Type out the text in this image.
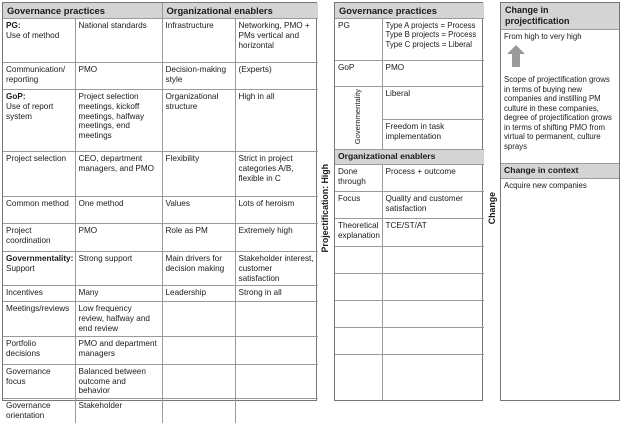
Governance practices		Organizational enablers	
PG:
Use of method	National standards	Infrastructure	Networking, PMO + PMs vertical and horizontal
Communication/ reporting	PMO	Decision-making style	(Experts)
GoP:
Use of report system	Project selection meetings, kickoff meetings, halfway meetings, end meetings	Organizational structure	High in all
Project selection	CEO, department managers, and PMO	Flexibility	Strict in project categories A/B, flexible in C
Common method	One method	Values	Lots of heroism
Project coordination	PMO	Role as PM	Extremely high
Governmentality:
Support	Strong support	Main drivers for decision making	Stakeholder interest, customer satisfaction
Incentives	Many	Leadership	Strong in all
Meetings/reviews	Low frequency review, halfway and end review		
Portfolio decisions	PMO and department managers		
Governance focus	Balanced between outcome and behavior		
Governance orientation	Stakeholder		
Projectification: High
Governance practices	
PG	Type A projects = Process
Type B projects = Process
Type C projects = Liberal
GoP	PMO
Governmentality	Liberal
	Freedom in task implementation
Organizational enablers	
Done through	Process + outcome
Focus	Quality and customer satisfaction
Theoretical explanation	TCE/ST/AT

Change
Change in projectification

From high to very high
Scope of projectification grows in terms of buying new companies and instilling PM culture in these companies, degree of projectification grows in terms of shifting PMO from virtual to permanent, culture sprays

Change in context
Acquire new companies
